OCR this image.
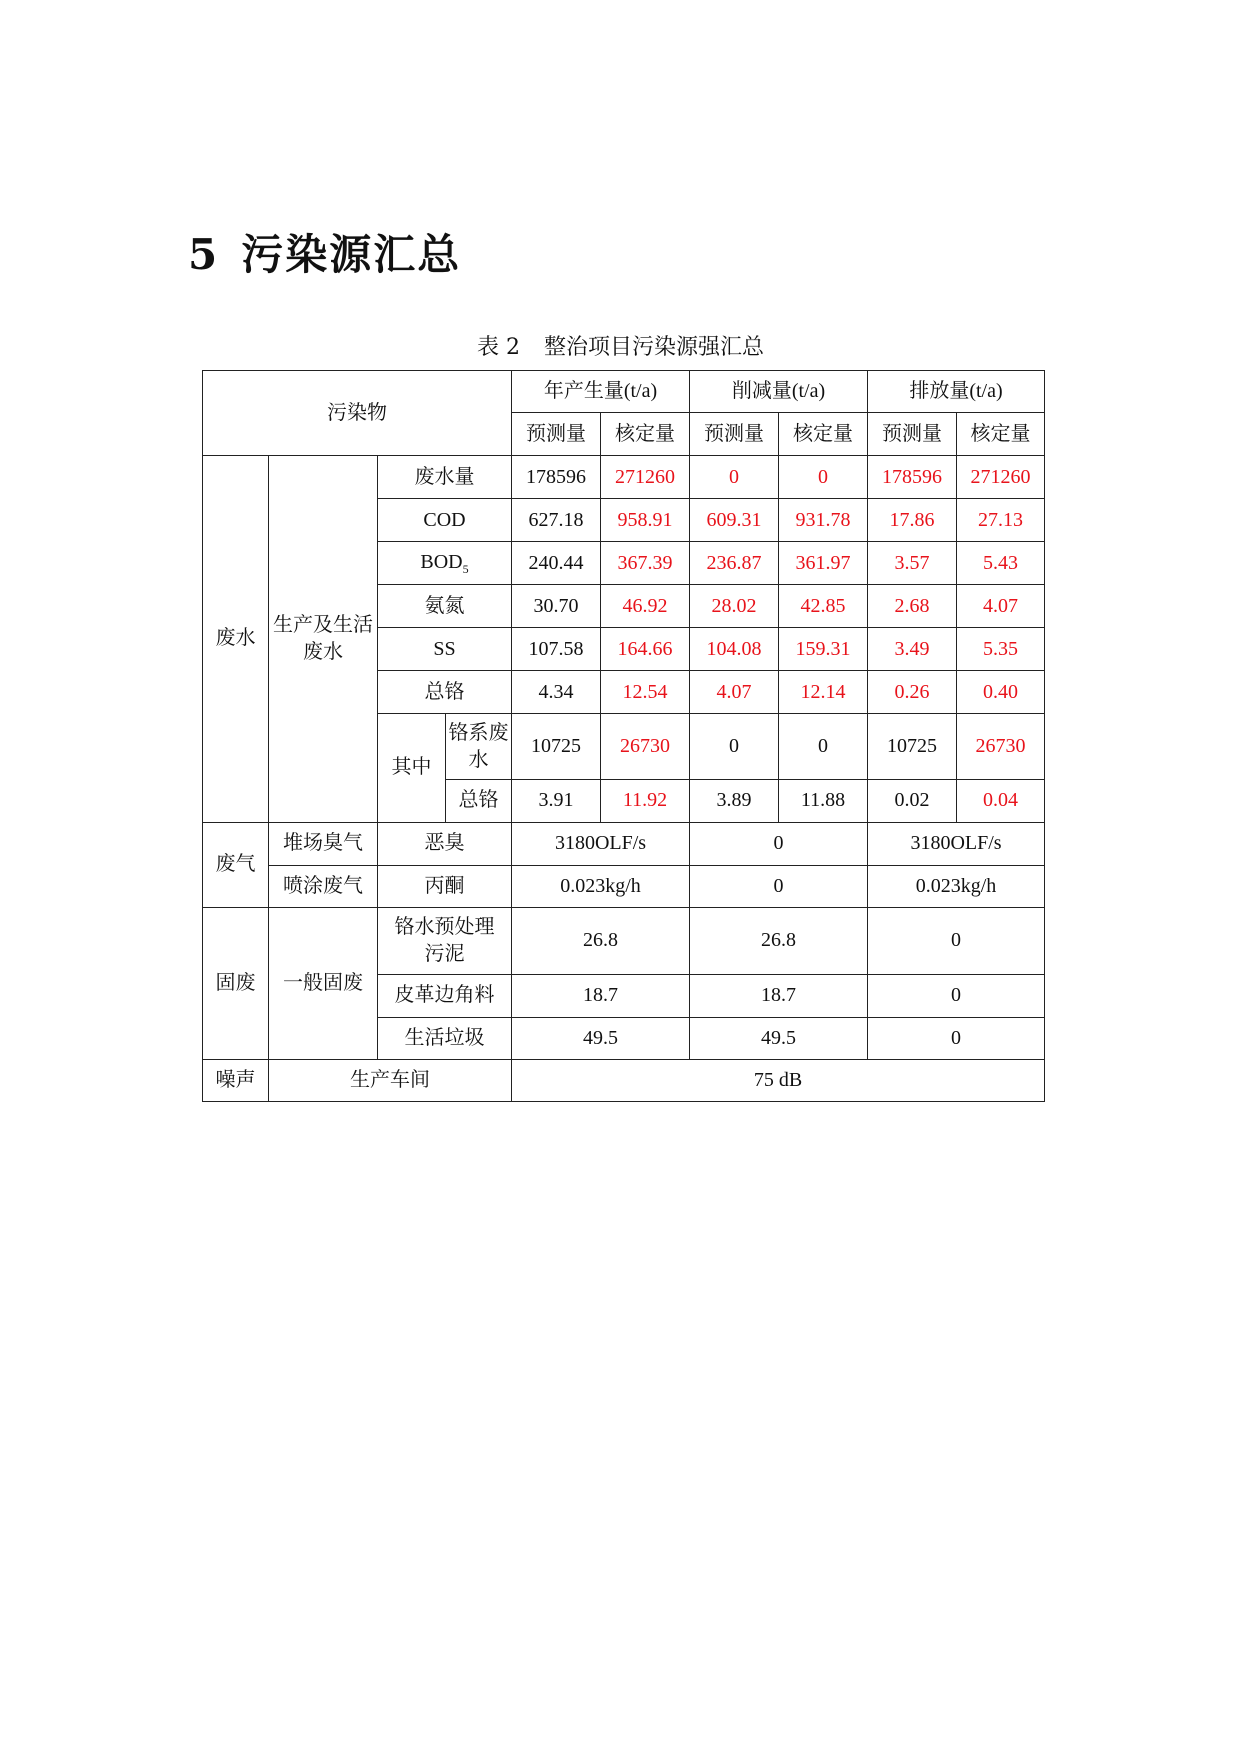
5 污染源汇总
表 2 整治项目污染源强汇总
污染物				年产生量(t/a)		削减量(t/a)		排放量(t/a)	
				预测量	核定量	预测量	核定量	预测量	核定量
废水	生产及生活废水	废水量		178596	271260	0	0	178596	271260
		COD		627.18	958.91	609.31	931.78	17.86	27.13
		$BOD_5$		240.44	367.39	236.87	361.97	3.57	5.43
		氨氮		30.70	46.92	28.02	42.85	2.68	4.07
		SS		107.58	164.66	104.08	159.31	3.49	5.35
		总铬		4.34	12.54	4.07	12.14	0.26	0.40
		其中	铬系废水	10725	26730	0	0	10725	26730
			总铬	3.91	11.92	3.89	11.88	0.02	0.04
废气	堆场臭气	恶臭		3180OLF/s		0		3180OLF/s	
	喷涂废气	丙酮		0.023kg/h		0		0.023kg/h	
固废	一般固废	铬水预处理污泥		26.8		26.8		0	
		皮革边角料		18.7		18.7		0	
		生活垃圾		49.5		49.5		0	
噪声	生产车间			75 dB					
